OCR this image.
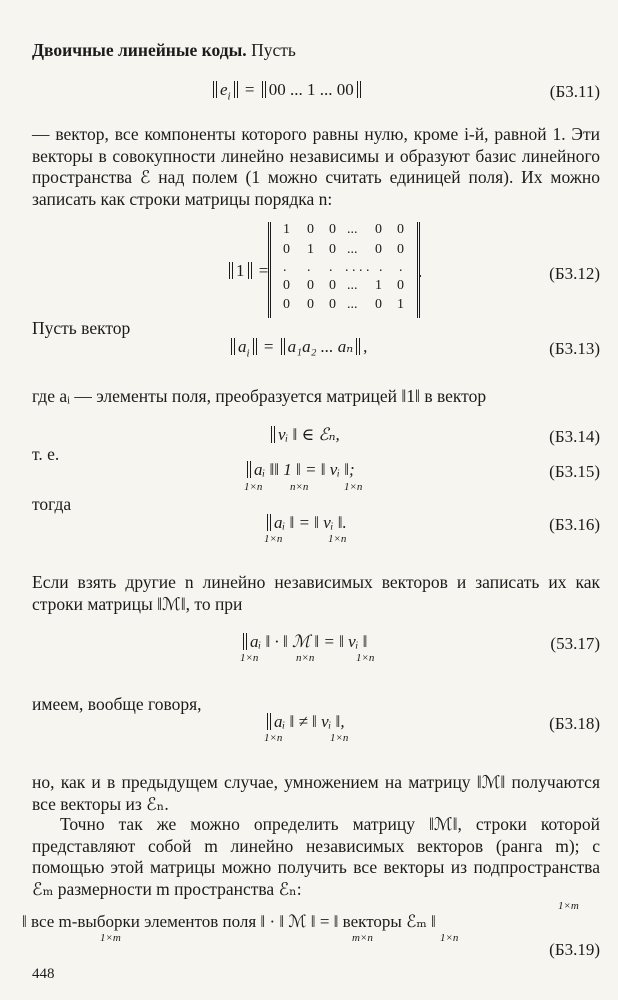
Двоичные линейные коды. Пусть
$e_i = 00$ ... 1 ... 00	(Б3.11)
— вектор, все компоненты которого равны нулю, кроме i-й, равной 1. Эти векторы в совокупности линейно независимы и образуют базис линейного пространства ℰ над полем (1 можно считать единицей поля). Их можно записать как строки матрицы порядка n:
1 =
1 0 0 ... 0 0
0 1 0 ... 0 0
. . . . . . . . .
0 0 0 ... 1 0
0 0 0 ... 0 1
.	(Б3.12)
Пусть вектор
$a_i = a_1a_2$ ... aₙ ,	(Б3.13)
где aᵢ — элементы поля, преобразуется матрицей ‖1‖ в вектор
vᵢ ‖ ∈ ℰₙ,	(Б3.14)
т. е.
aᵢ ‖‖ 1 ‖ = ‖ vᵢ ‖;
1×n	n×n	1×n
(Б3.15)
тогда
aᵢ ‖ = ‖ vᵢ ‖.
1×n	1×n
(Б3.16)
Если взять другие n линейно независимых векторов и записать их как строки матрицы ‖ℳ‖, то при
aᵢ ‖ · ‖ ℳ ‖ = ‖ vᵢ ‖
1×n	n×n	1×n
(53.17)
имеем, вообще говоря,
aᵢ ‖ ≠ ‖ vᵢ ‖,
1×n	1×n
(Б3.18)
но, как и в предыдущем случае, умножением на матрицу ‖ℳ‖ получаются все векторы из ℰₙ.
Точно так же можно определить матрицу ‖ℳ‖, строки которой представляют собой m линейно независимых векторов (ранга m); с помощью этой матрицы можно получить все векторы из подпространства ℰₘ размерности m пространства ℰₙ:
‖ все m-выборки элементов поля ‖ · ‖ ℳ ‖ = ‖ векторы ℰₘ ‖
1×m
1×m	m×n	1×n
(Б3.19)
448
